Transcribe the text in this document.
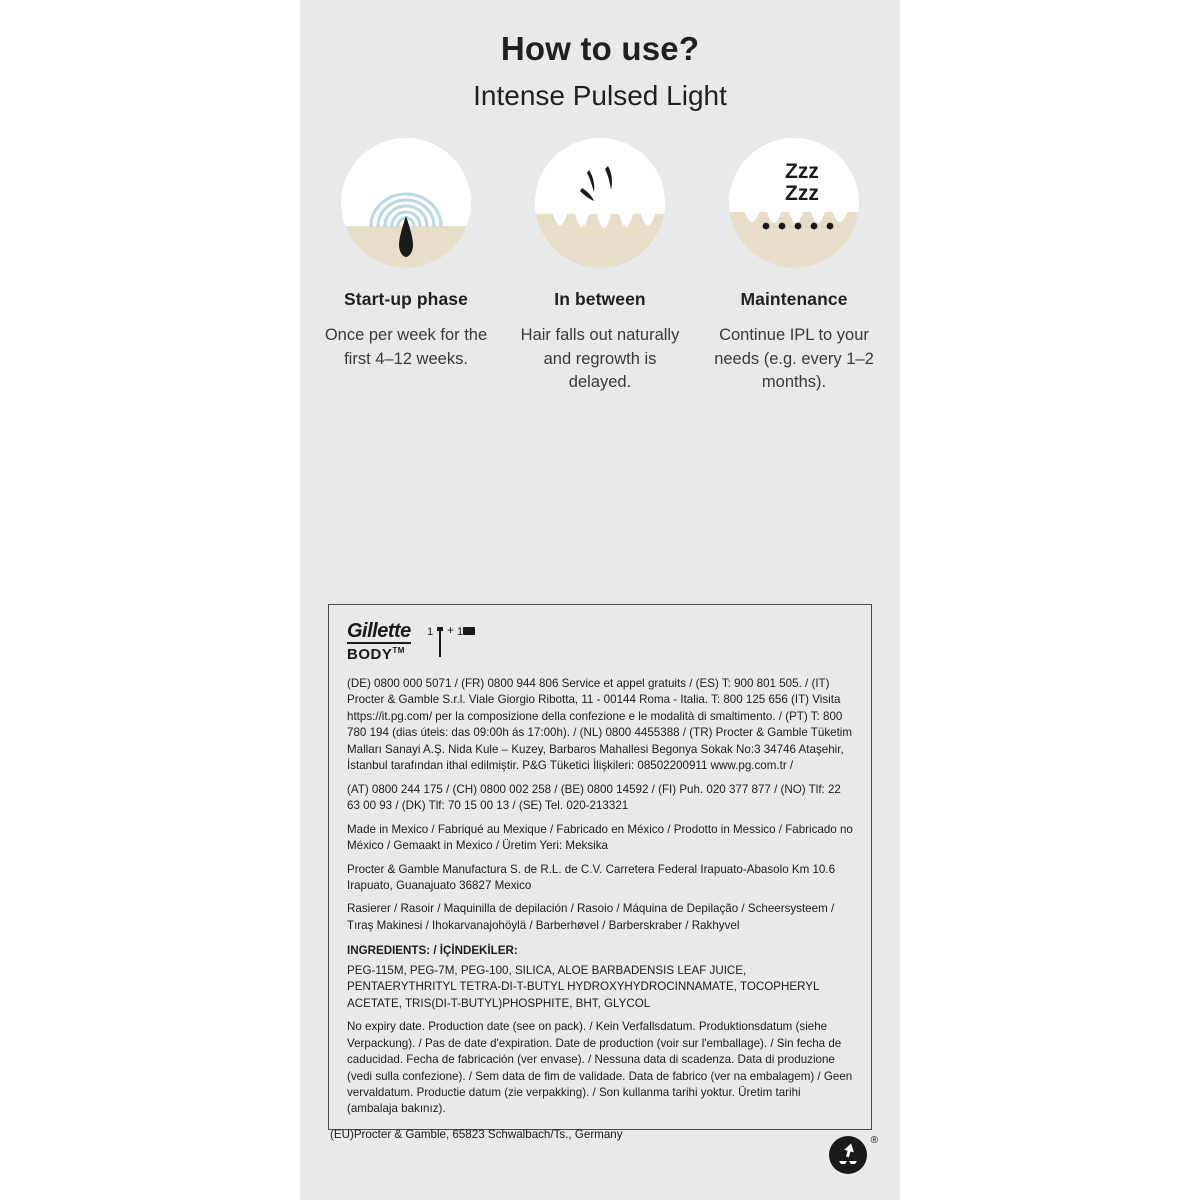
How to use?
Intense Pulsed Light
Start-up phase
Once per week for the first 4–12 weeks.
In between
Hair falls out naturally and regrowth is delayed.
Zzz
Zzz
Maintenance
Continue IPL to your needs (e.g. every 1–2 months).
Gillette
BODY™
1 + 1

(DE) 0800 000 5071 / (FR) 0800 944 806 Service et appel gratuits / (ES) T: 900 801 505. / (IT) Procter & Gamble S.r.l. Viale Giorgio Ribotta, 11 - 00144 Roma - Italia. T: 800 125 656 (IT) Visita https://it.pg.com/ per la composizione della confezione e le modalità di smaltimento. / (PT) T: 800 780 194 (dias úteis: das 09:00h ás 17:00h). / (NL) 0800 4455388 / (TR) Procter & Gamble Tüketim Malları Sanayi A.Ş. Nida Kule – Kuzey, Barbaros Mahallesi Begonya Sokak No:3 34746 Ataşehir, İstanbul tarafından ithal edilmiştir. P&G Tüketici İlişkileri: 08502200911 www.pg.com.tr /

(AT) 0800 244 175 / (CH) 0800 002 258 / (BE) 0800 14592 / (FI) Puh. 020 377 877 / (NO) Tlf: 22 63 00 93 / (DK) Tlf: 70 15 00 13 / (SE) Tel. 020-213321

Made in Mexico / Fabriqué au Mexique / Fabricado en México / Prodotto in Messico / Fabricado no México / Gemaakt in Mexico / Üretim Yeri: Meksika

Procter & Gamble Manufactura S. de R.L. de C.V. Carretera Federal Irapuato-Abasolo Km 10.6 Irapuato, Guanajuato 36827 Mexico

Rasierer / Rasoir / Maquinilla de depilación / Rasoio / Máquina de Depilação / Scheersysteem / Tıraş Makinesi / Ihokarvanajohöylä / Barberhøvel / Barberskraber / Rakhyvel

INGREDIENTS: / İÇİNDEKİLER:

PEG-115M, PEG-7M, PEG-100, SILICA, ALOE BARBADENSIS LEAF JUICE, PENTAERYTHRITYL TETRA-DI-T-BUTYL HYDROXYHYDROCINNAMATE, TOCOPHERYL ACETATE, TRIS(DI-T-BUTYL)PHOSPHITE, BHT, GLYCOL

No expiry date. Production date (see on pack). / Kein Verfallsdatum. Produktionsdatum (siehe Verpackung). / Pas de date d'expiration. Date de production (voir sur l'emballage). / Sin fecha de caducidad. Fecha de fabricación (ver envase). / Nessuna data di scadenza. Data di produzione (vedi sulla confezione). / Sem data de fim de validade. Data de fabrico (ver na embalagem) / Geen vervaldatum. Productie datum (zie verpakking). / Son kullanma tarihi yoktur. Üretim tarihi (ambalaja bakınız).

(EU)Procter & Gamble, 65823 Schwalbach/Ts., Germany	®
